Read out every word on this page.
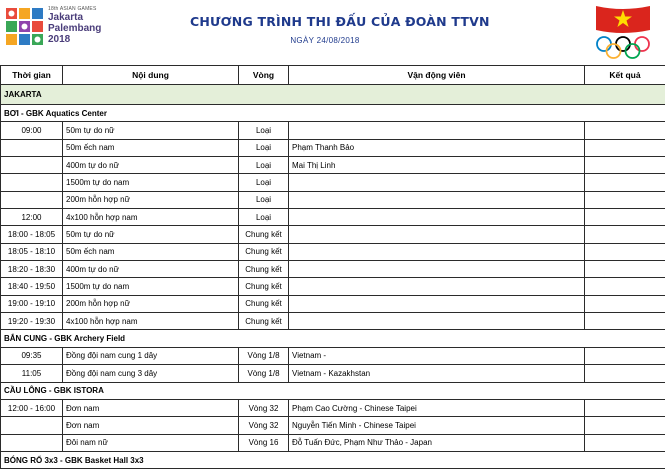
18th ASIAN GAMES
Jakarta
Palembang
2018
CHƯƠNG TRÌNH THI ĐẤU CỦA ĐOÀN TTVN
NGÀY 24/08/2018
Thời gian	Nội dung	Vòng	Vận động viên	Kết quả
JAKARTA				
BƠI - GBK Aquatics Center				
09:00	50m tự do nữ	Loại		
	50m ếch nam	Loại	Phạm Thanh Bảo	
	400m tự do nữ	Loại	Mai Thị Linh	
	1500m tự do nam	Loại		
	200m hỗn hợp nữ	Loại		
12:00	4x100 hỗn hợp nam	Loại		
18:00 - 18:05	50m tự do nữ	Chung kết		
18:05 - 18:10	50m ếch nam	Chung kết		
18:20 - 18:30	400m tự do nữ	Chung kết		
18:40 - 19:50	1500m tự do nam	Chung kết		
19:00 - 19:10	200m hỗn hợp nữ	Chung kết		
19:20 - 19:30	4x100 hỗn hợp nam	Chung kết		
BẮN CUNG - GBK Archery Field				
09:35	Đồng đội nam cung 1 dây	Vòng 1/8	Vietnam -	
11:05	Đồng đội nam cung 3 dây	Vòng 1/8	Vietnam - Kazakhstan	
CẦU LÔNG - GBK ISTORA				
12:00 - 16:00	Đơn nam	Vòng 32	Phạm Cao Cường - Chinese Taipei	
	Đơn nam	Vòng 32	Nguyễn Tiến Minh - Chinese Taipei	
	Đôi nam nữ	Vòng 16	Đỗ Tuấn Đức, Phạm Như Thảo - Japan	
BÓNG RỔ 3x3 - GBK Basket Hall 3x3				
